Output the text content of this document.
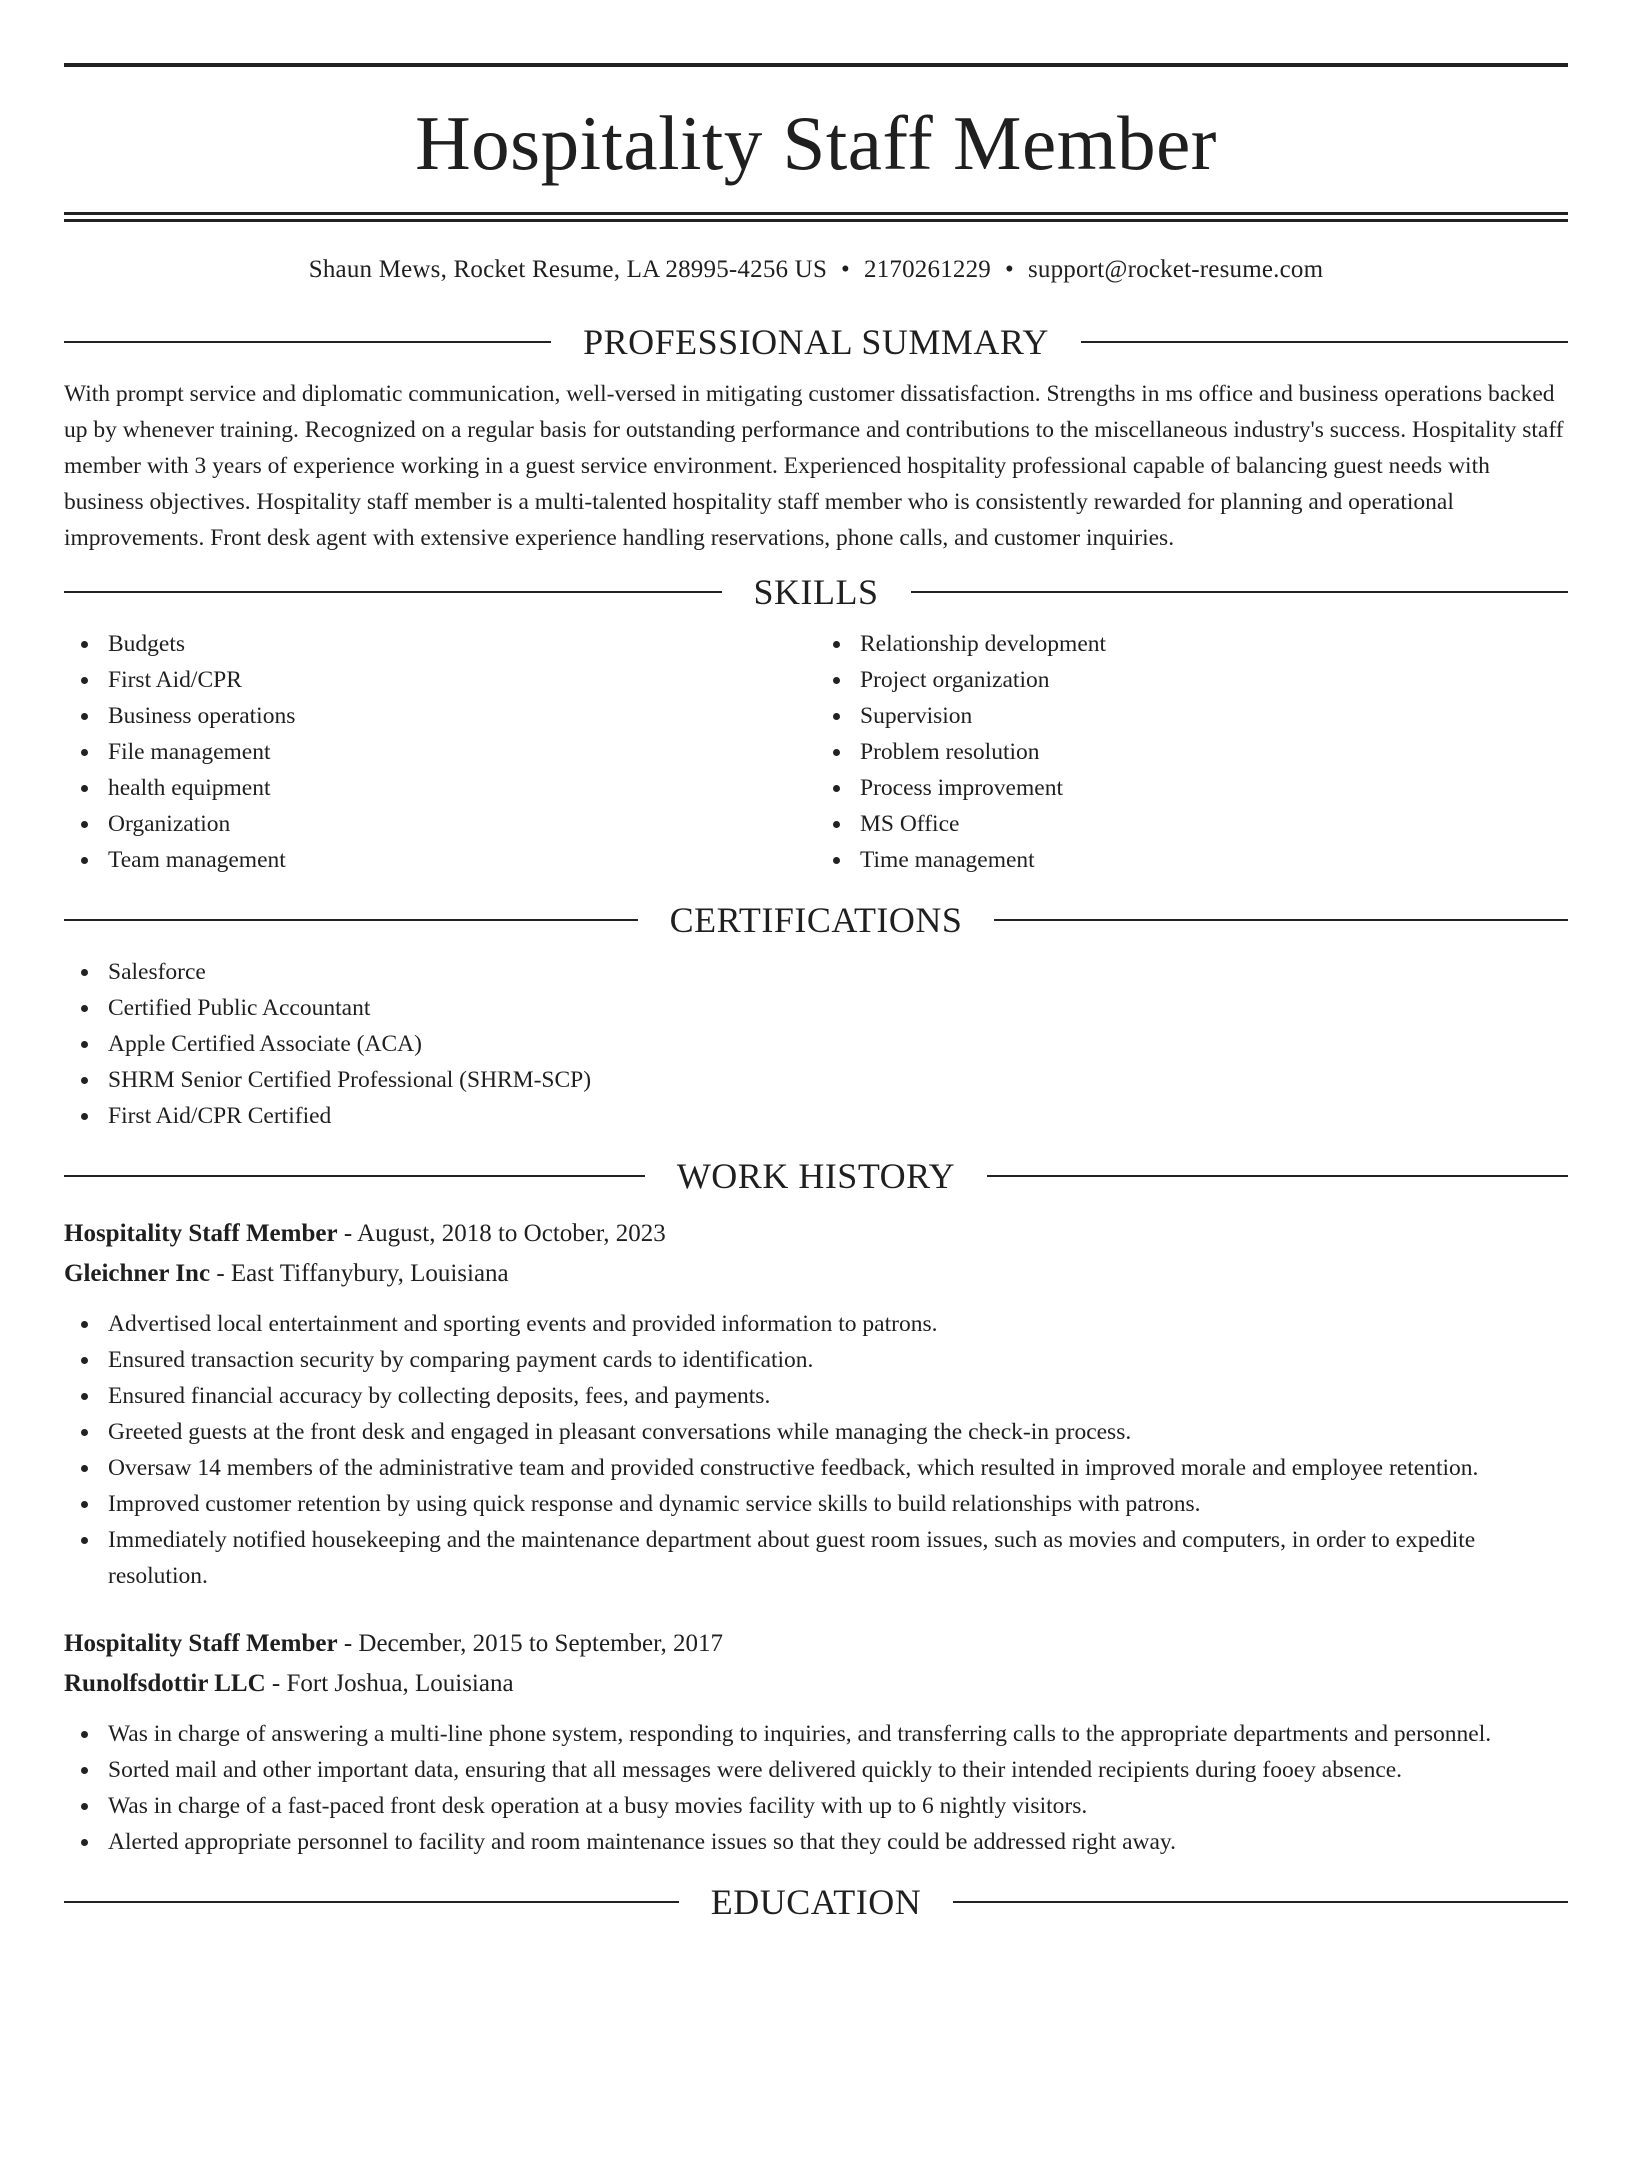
Hospitality Staff Member
Shaun Mews, Rocket Resume, LA 28995-4256 US • 2170261229 • support@rocket-resume.com
PROFESSIONAL SUMMARY

With prompt service and diplomatic communication, well-versed in mitigating customer dissatisfaction. Strengths in ms office and business operations backed up by whenever training. Recognized on a regular basis for outstanding performance and contributions to the miscellaneous industry's success. Hospitality staff member with 3 years of experience working in a guest service environment. Experienced hospitality professional capable of balancing guest needs with business objectives. Hospitality staff member is a multi-talented hospitality staff member who is consistently rewarded for planning and operational improvements. Front desk agent with extensive experience handling reservations, phone calls, and customer inquiries.

SKILLS
Budgets
First Aid/CPR
Business operations
File management
health equipment
Organization
Team management
Relationship development
Project organization
Supervision
Problem resolution
Process improvement
MS Office
Time management
CERTIFICATIONS
Salesforce
Certified Public Accountant
Apple Certified Associate (ACA)
SHRM Senior Certified Professional (SHRM-SCP)
First Aid/CPR Certified
WORK HISTORY
Hospitality Staff Member - August, 2018 to October, 2023
Gleichner Inc - East Tiffanybury, Louisiana
Advertised local entertainment and sporting events and provided information to patrons.
Ensured transaction security by comparing payment cards to identification.
Ensured financial accuracy by collecting deposits, fees, and payments.
Greeted guests at the front desk and engaged in pleasant conversations while managing the check-in process.
Oversaw 14 members of the administrative team and provided constructive feedback, which resulted in improved morale and employee retention.
Improved customer retention by using quick response and dynamic service skills to build relationships with patrons.
Immediately notified housekeeping and the maintenance department about guest room issues, such as movies and computers, in order to expedite resolution.
Hospitality Staff Member - December, 2015 to September, 2017
Runolfsdottir LLC - Fort Joshua, Louisiana
Was in charge of answering a multi-line phone system, responding to inquiries, and transferring calls to the appropriate departments and personnel.
Sorted mail and other important data, ensuring that all messages were delivered quickly to their intended recipients during fooey absence.
Was in charge of a fast-paced front desk operation at a busy movies facility with up to 6 nightly visitors.
Alerted appropriate personnel to facility and room maintenance issues so that they could be addressed right away.
EDUCATION
